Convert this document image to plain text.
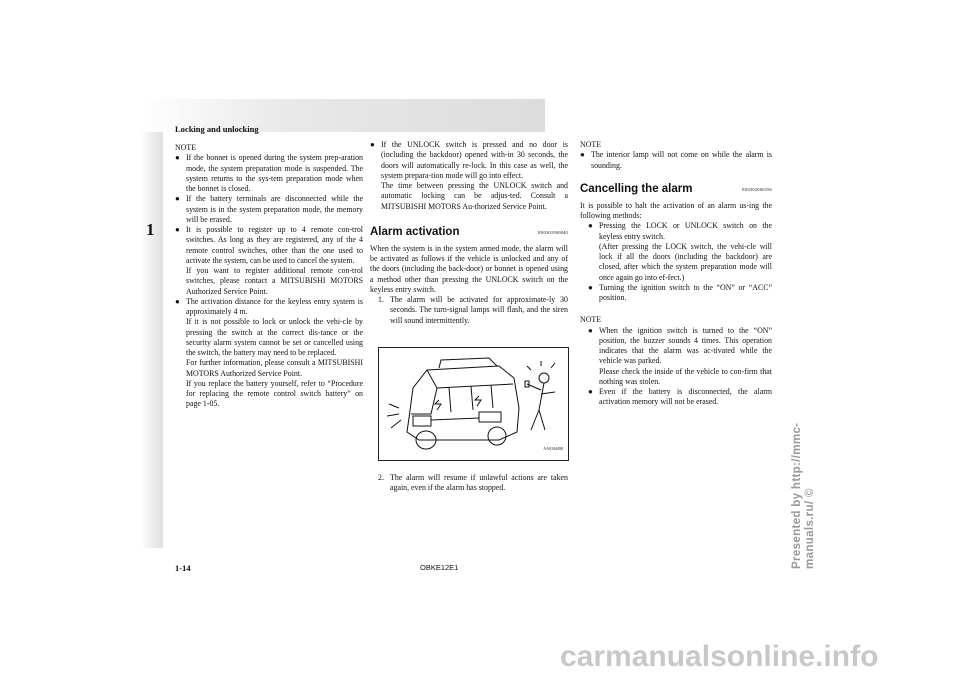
Locking and unlocking
1

NOTE

● If the bonnet is opened during the system prep-aration mode, the system preparation mode is suspended. The system returns to the sys-tem preparation mode when the bonnet is closed.

● If the battery terminals are disconnected while the system is in the system preparation mode, the memory will be erased.

● It is possible to register up to 4 remote con-trol switches. As long as they are registered, any of the 4 remote control switches, other than the one used to activate the system, can be used to cancel the system.
If you want to register additional remote con-trol switches, please contact a MITSUBISHI MOTORS Authorized Service Point.

● The activation distance for the keyless entry system is approximately 4 m.
If it is not possible to lock or unlock the vehi-cle by pressing the switch at the correct dis-tance or the security alarm system cannot be set or cancelled using the switch, the battery may need to be replaced.
For further information, please consult a MITSUBISHI MOTORS Authorized Service Point.
If you replace the battery yourself, refer to “Procedure for replacing the remote control switch battery” on page 1-05.

● If the UNLOCK switch is pressed and no door is (including the backdoor) opened with-in 30 seconds, the doors will automatically re-lock. In this case as well, the system prepara-tion mode will go into effect.
The time between pressing the UNLOCK switch and automatic locking can be adjus-ted. Consult a MITSUBISHI MOTORS Au-thorized Service Point.

Alarm activation	E00301900040

When the system is in the system armed mode, the alarm will be activated as follows if the vehicle is unlocked and any of the doors (including the back-door) or bonnet is opened using a method other than pressing the UNLOCK switch on the keyless entry switch.

1. The alarm will be activated for approximate-ly 30 seconds. The turn-signal lamps will flash, and the siren will sound intermittently.

AA0104498
2. The alarm will resume if unlawful actions are taken again, even if the alarm has stopped.

NOTE

● The interior lamp will not come on while the alarm is sounding.

Cancelling the alarm	E00302000356

It is possible to halt the activation of an alarm us-ing the following methods:

● Pressing the LOCK or UNLOCK switch on the keyless entry switch.
(After pressing the LOCK switch, the vehi-cle will lock if all the doors (including the backdoor) are closed, after which the system preparation mode will once again go into ef-fect.)

● Turning the ignition switch to the “ON” or “ACC” position.

NOTE

● When the ignition switch is turned to the “ON” position, the buzzer sounds 4 times. This operation indicates that the alarm was ac-tivated while the vehicle was parked.
Please check the inside of the vehicle to con-firm that nothing was stolen.

● Even if the battery is disconnected, the alarm activation memory will not be erased.

1-14	OBKE12E1	Presented by http://mmc-manuals.ru/ ©
carmanualsonline.info
